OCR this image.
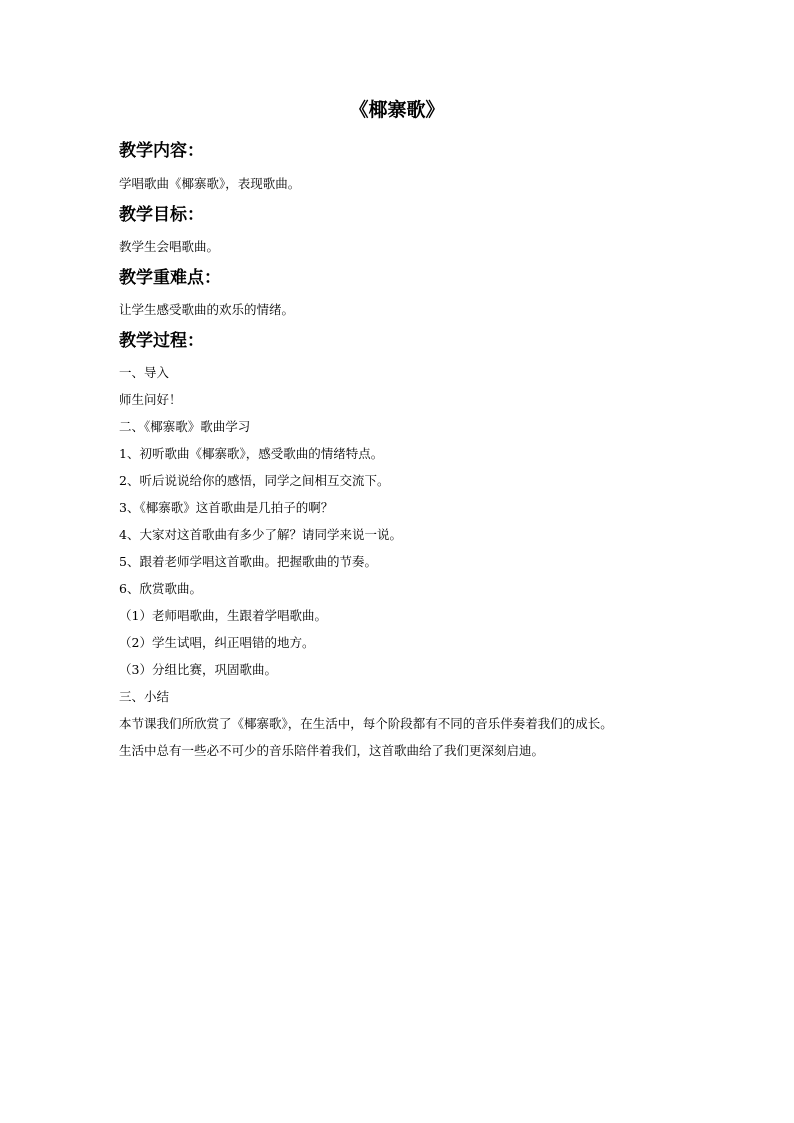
《椰寨歌》
教学内容：

学唱歌曲《椰寨歌》，表现歌曲。

教学目标：

教学生会唱歌曲。

教学重难点：

让学生感受歌曲的欢乐的情绪。

教学过程：

一、导入

师生问好！

二、《椰寨歌》歌曲学习

1、初听歌曲《椰寨歌》，感受歌曲的情绪特点。

2、听后说说给你的感悟，同学之间相互交流下。

3、《椰寨歌》这首歌曲是几拍子的啊？

4、大家对这首歌曲有多少了解？请同学来说一说。

5、跟着老师学唱这首歌曲。把握歌曲的节奏。

6、欣赏歌曲。

（1）老师唱歌曲，生跟着学唱歌曲。

（2）学生试唱，纠正唱错的地方。

（3）分组比赛，巩固歌曲。

三、小结

本节课我们所欣赏了《椰寨歌》，在生活中，每个阶段都有不同的音乐伴奏着我们的成长。

生活中总有一些必不可少的音乐陪伴着我们，这首歌曲给了我们更深刻启迪。
